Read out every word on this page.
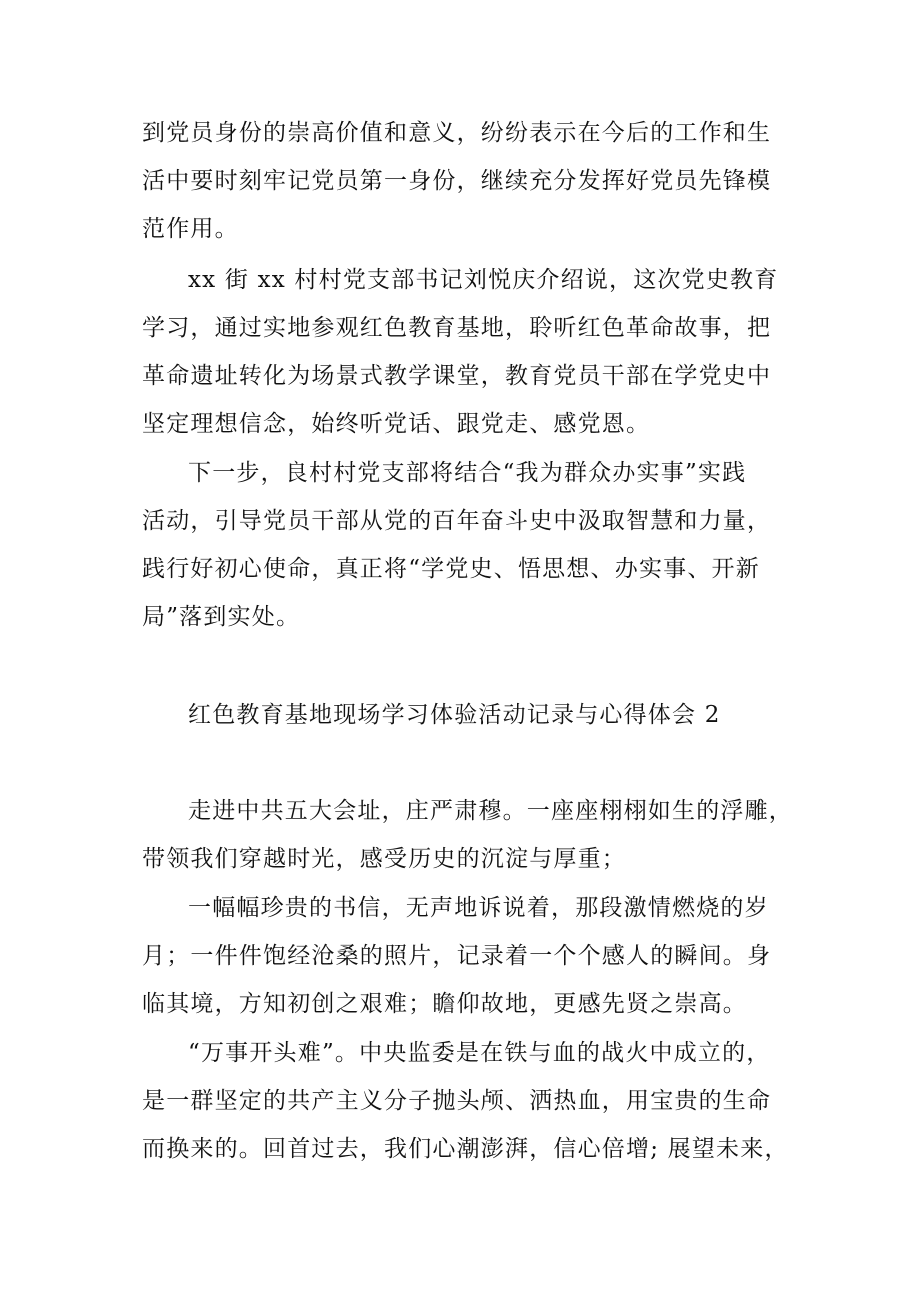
到党员身份的崇高价值和意义，纷纷表示在今后的工作和生
活中要时刻牢记党员第一身份，继续充分发挥好党员先锋模
范作用。
xx 街 xx 村村党支部书记刘悦庆介绍说，这次党史教育
学习，通过实地参观红色教育基地，聆听红色革命故事，把
革命遗址转化为场景式教学课堂，教育党员干部在学党史中
坚定理想信念，始终听党话、跟党走、感党恩。
下一步，良村村党支部将结合“我为群众办实事”实践
活动，引导党员干部从党的百年奋斗史中汲取智慧和力量，
践行好初心使命，真正将“学党史、悟思想、办实事、开新
局”落到实处。
红色教育基地现场学习体验活动记录与心得体会 2
走进中共五大会址，庄严肃穆。一座座栩栩如生的浮雕，
带领我们穿越时光，感受历史的沉淀与厚重；
一幅幅珍贵的书信，无声地诉说着，那段激情燃烧的岁
月；一件件饱经沧桑的照片，记录着一个个感人的瞬间。身
临其境，方知初创之艰难；瞻仰故地，更感先贤之崇高。
“万事开头难”。中央监委是在铁与血的战火中成立的，
是一群坚定的共产主义分子抛头颅、洒热血，用宝贵的生命
而换来的。回首过去，我们心潮澎湃，信心倍增; 展望未来，
